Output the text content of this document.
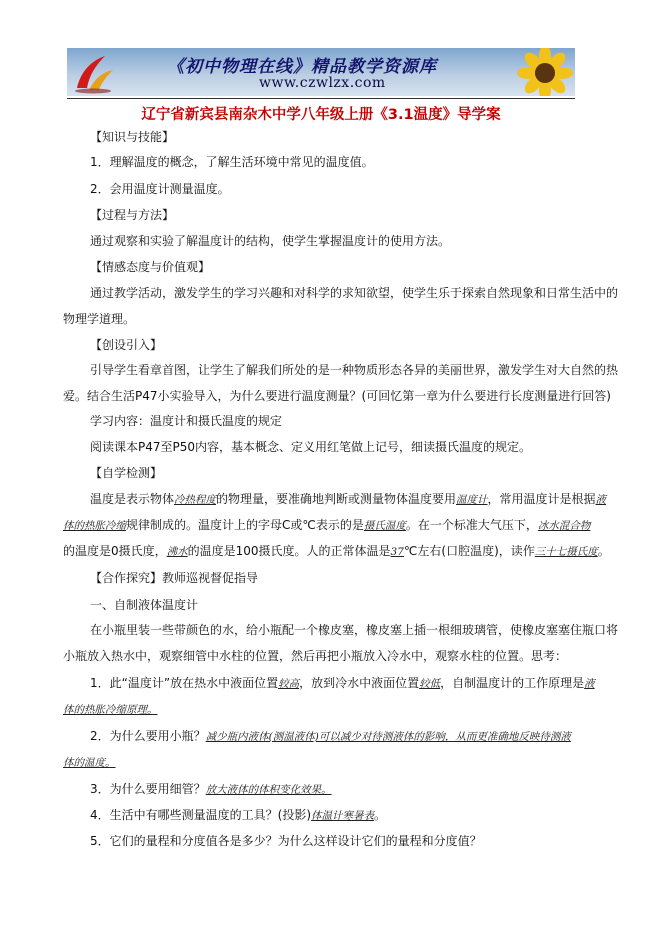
《初中物理在线》精品教学资源库
www.czwlzx.com
辽宁省新宾县南杂木中学八年级上册《3.1温度》导学案
【知识与技能】
1．理解温度的概念，了解生活环境中常见的温度值。
2．会用温度计测量温度。
【过程与方法】
通过观察和实验了解温度计的结构，使学生掌握温度计的使用方法。
【情感态度与价值观】
通过教学活动，激发学生的学习兴趣和对科学的求知欲望，使学生乐于探索自然现象和日常生活中的
物理学道理。
【创设引入】
引导学生看章首图，让学生了解我们所处的是一种物质形态各异的美丽世界，激发学生对大自然的热
爱。结合生活P47小实验导入，为什么要进行温度测量？(可回忆第一章为什么要进行长度测量进行回答)
学习内容：温度计和摄氏温度的规定
阅读课本P47至P50内容，基本概念、定义用红笔做上记号，细读摄氏温度的规定。
【自学检测】
温度是表示物体冷热程度的物理量，要准确地判断或测量物体温度要用温度计，常用温度计是根据液
体的热胀冷缩规律制成的。温度计上的字母C或℃表示的是摄氏温度。在一个标准大气压下，冰水混合物
的温度是0摄氏度，沸水的温度是100摄氏度。人的正常体温是37℃左右(口腔温度)，读作三十七摄氏度。
【合作探究】教师巡视督促指导
一、自制液体温度计
在小瓶里装一些带颜色的水，给小瓶配一个橡皮塞，橡皮塞上插一根细玻璃管，使橡皮塞塞住瓶口将
小瓶放入热水中，观察细管中水柱的位置，然后再把小瓶放入冷水中，观察水柱的位置。思考：
1．此“温度计”放在热水中液面位置较高，放到冷水中液面位置较低，自制温度计的工作原理是液
体的热胀冷缩原理。
2．为什么要用小瓶？减少瓶内液体(测温液体)可以减少对待测液体的影响，从而更准确地反映待测液
体的温度。
3．为什么要用细管？放大液体的体积变化效果。
4．生活中有哪些测量温度的工具？(投影)体温计寒暑表。
5．它们的量程和分度值各是多少？为什么这样设计它们的量程和分度值？
